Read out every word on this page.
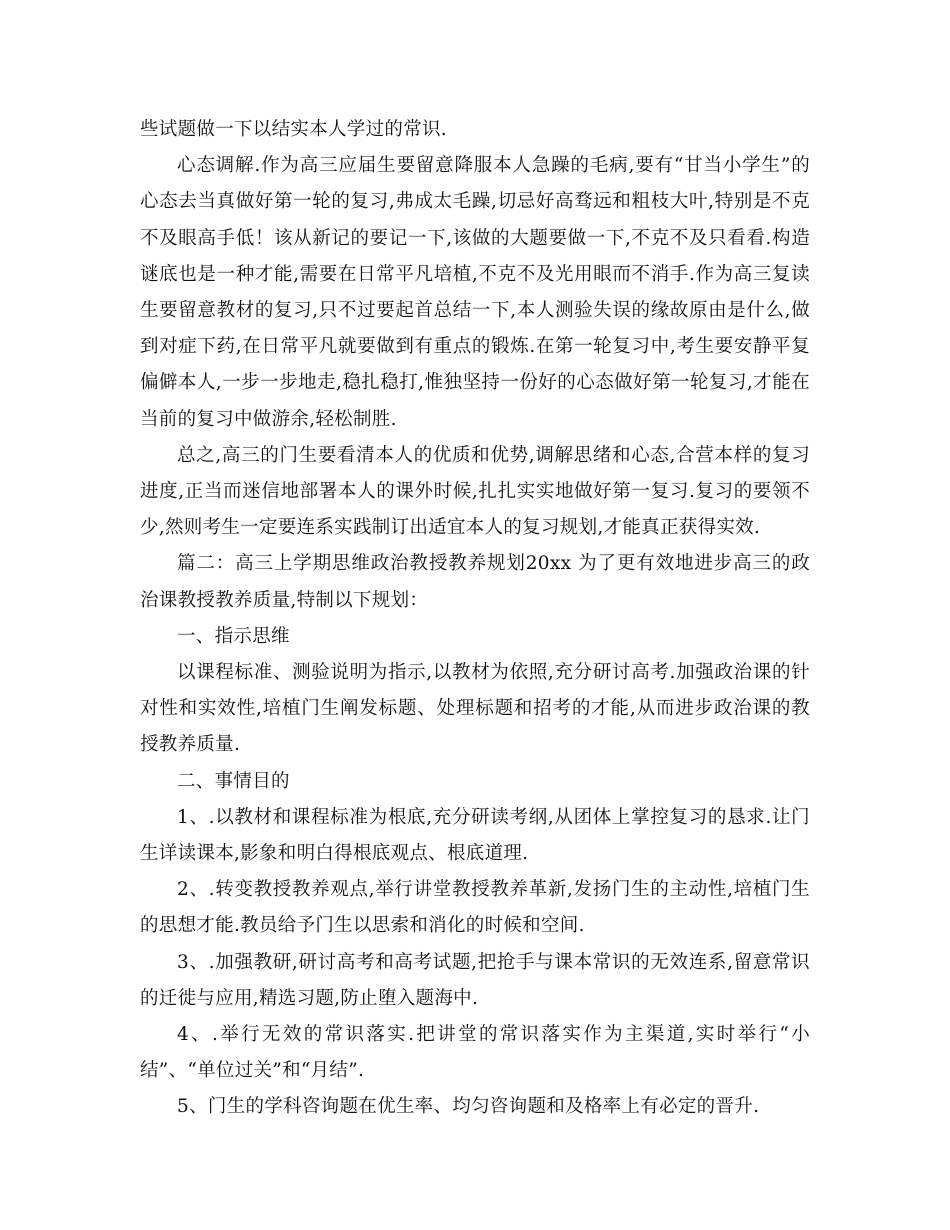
些试题做一下以结实本人学过的常识.

心态调解.作为高三应届生要留意降服本人急躁的毛病,要有“甘当小学生”的心态去当真做好第一轮的复习,弗成太毛躁,切忌好高骛远和粗枝大叶,特别是不克不及眼高手低！该从新记的要记一下,该做的大题要做一下,不克不及只看看.构造谜底也是一种才能,需要在日常平凡培植,不克不及光用眼而不消手.作为高三复读生要留意教材的复习,只不过要起首总结一下,本人测验失误的缘故原由是什么,做到对症下药,在日常平凡就要做到有重点的锻炼.在第一轮复习中,考生要安静平复偏僻本人,一步一步地走,稳扎稳打,惟独坚持一份好的心态做好第一轮复习,才能在当前的复习中做游余,轻松制胜.

总之,高三的门生要看清本人的优质和优势,调解思绪和心态,合营本样的复习进度,正当而迷信地部署本人的课外时候,扎扎实实地做好第一复习.复习的要领不少,然则考生一定要连系实践制订出适宜本人的复习规划,才能真正获得实效.

篇二：高三上学期思维政治教授教养规划20xx 为了更有效地进步高三的政治课教授教养质量,特制以下规划：

一、指示思维

以课程标准、测验说明为指示,以教材为依照,充分研讨高考.加强政治课的针对性和实效性,培植门生阐发标题、处理标题和招考的才能,从而进步政治课的教授教养质量.

二、事情目的

1、.以教材和课程标准为根底,充分研读考纲,从团体上掌控复习的恳求.让门生详读课本,影象和明白得根底观点、根底道理.

2、.转变教授教养观点,举行讲堂教授教养革新,发扬门生的主动性,培植门生的思想才能.教员给予门生以思索和消化的时候和空间.

3、.加强教研,研讨高考和高考试题,把抢手与课本常识的无效连系,留意常识的迁徙与应用,精选习题,防止堕入题海中.

4、.举行无效的常识落实.把讲堂的常识落实作为主渠道,实时举行“小结”、“单位过关”和“月结”.

5、门生的学科咨询题在优生率、均匀咨询题和及格率上有必定的晋升.
